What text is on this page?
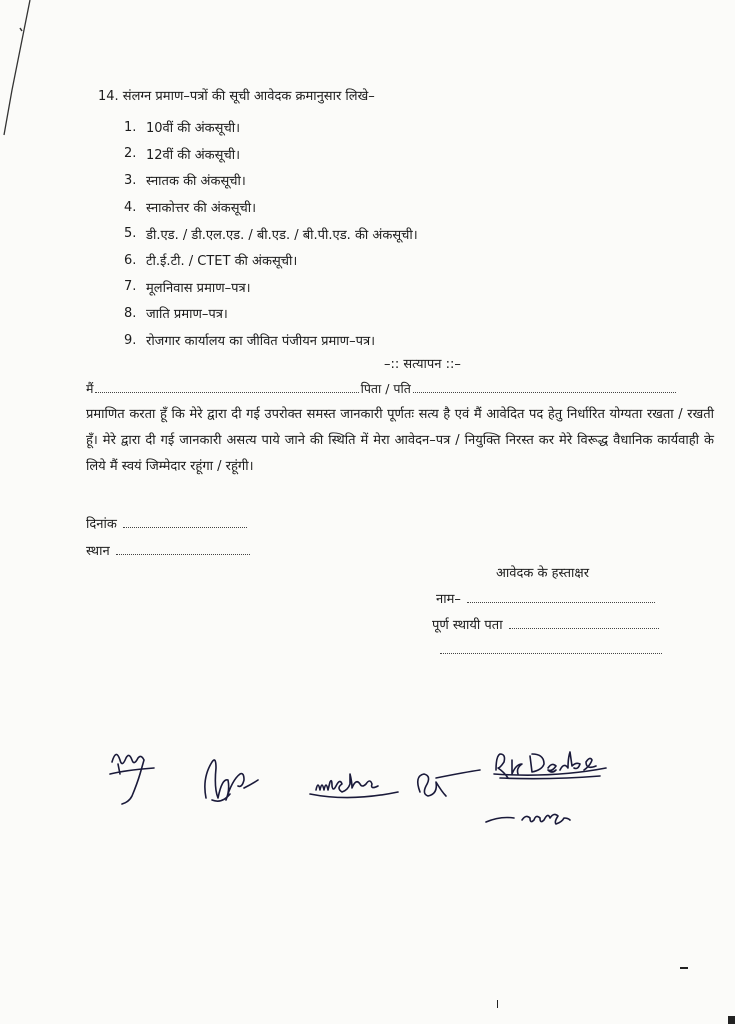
14. संलग्न प्रमाण–पत्रों की सूची आवेदक क्रमानुसार लिखे–
1. 10वीं की अंकसूची।
2. 12वीं की अंकसूची।
3. स्नातक की अंकसूची।
4. स्नाकोत्तर की अंकसूची।
5. डी.एड. / डी.एल.एड. / बी.एड. / बी.पी.एड. की अंकसूची।
6. टी.ई.टी. / CTET की अंकसूची।
7. मूलनिवास प्रमाण–पत्र।
8. जाति प्रमाण–पत्र।
9. रोजगार कार्यालय का जीवित पंजीयन प्रमाण–पत्र।
–:: सत्यापन ::–
मैं	पिता / पति

प्रमाणित करता हूँ कि मेरे द्वारा दी गई उपरोक्त समस्त जानकारी पूर्णतः सत्य है एवं मैं आवेदित पद हेतु निर्धारित योग्यता रखता / रखती हूँ। मेरे द्वारा दी गई जानकारी असत्य पाये जाने की स्थिति में मेरा आवेदन–पत्र / नियुक्ति निरस्त कर मेरे विरूद्ध वैधानिक कार्यवाही के लिये मैं स्वयं जिम्मेदार रहूंगा / रहूंगी।

दिनांक
स्थान
आवेदक के हस्ताक्षर
नाम–
पूर्ण स्थायी पता
